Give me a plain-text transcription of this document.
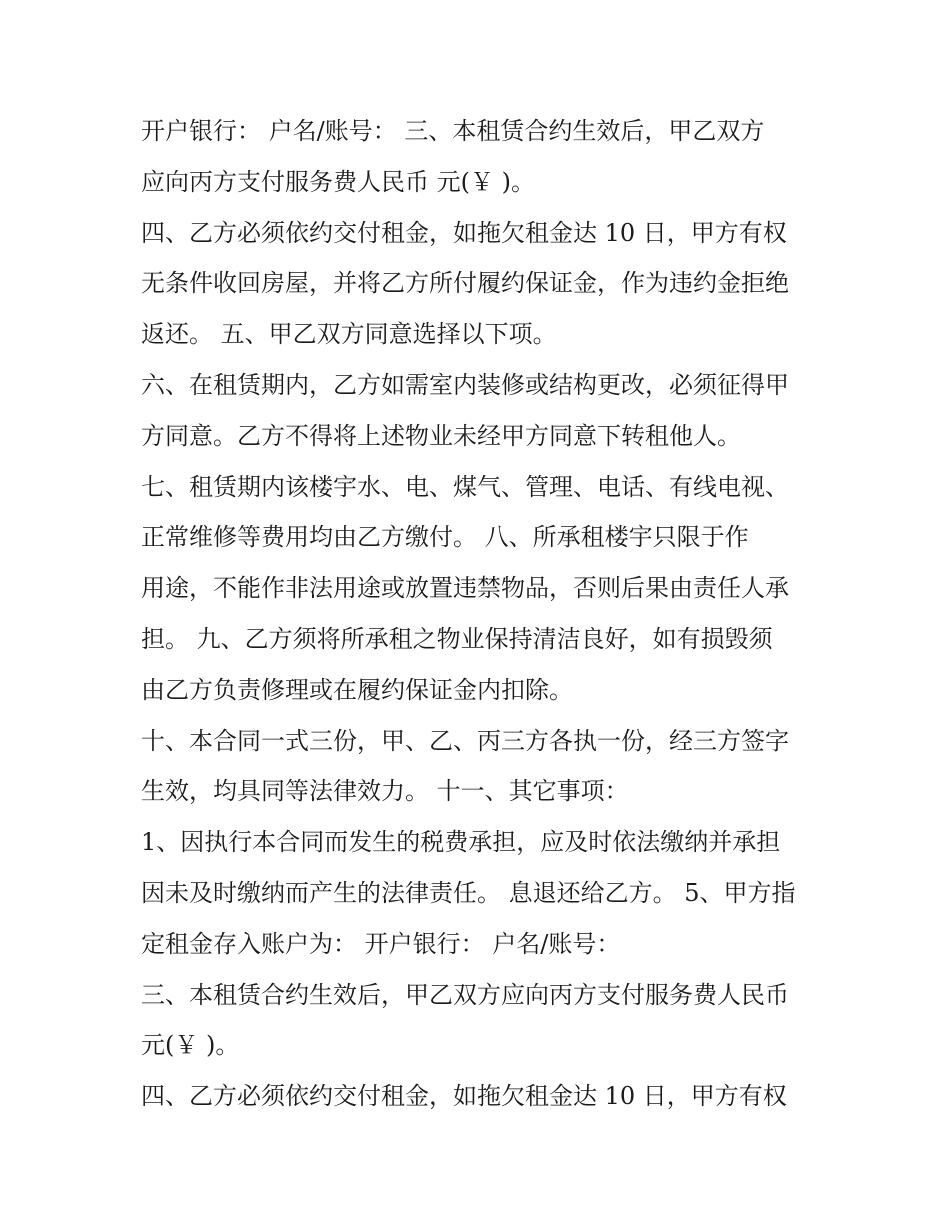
开户银行： 户名/账号： 三、本租赁合约生效后，甲乙双方
应向丙方支付服务费人民币 元(￥ )。
四、乙方必须依约交付租金，如拖欠租金达 10 日，甲方有权
无条件收回房屋，并将乙方所付履约保证金，作为违约金拒绝
返还。 五、甲乙双方同意选择以下项。
六、在租赁期内，乙方如需室内装修或结构更改，必须征得甲
方同意。乙方不得将上述物业未经甲方同意下转租他人。
七、租赁期内该楼宇水、电、煤气、管理、电话、有线电视、
正常维修等费用均由乙方缴付。 八、所承租楼宇只限于作
用途，不能作非法用途或放置违禁物品，否则后果由责任人承
担。 九、乙方须将所承租之物业保持清洁良好，如有损毁须
由乙方负责修理或在履约保证金内扣除。
十、本合同一式三份，甲、乙、丙三方各执一份，经三方签字
生效，均具同等法律效力。 十一、其它事项：
1、因执行本合同而发生的税费承担，应及时依法缴纳并承担
因未及时缴纳而产生的法律责任。 息退还给乙方。 5、甲方指
定租金存入账户为： 开户银行： 户名/账号：
三、本租赁合约生效后，甲乙双方应向丙方支付服务费人民币
元(￥ )。
四、乙方必须依约交付租金，如拖欠租金达 10 日，甲方有权
